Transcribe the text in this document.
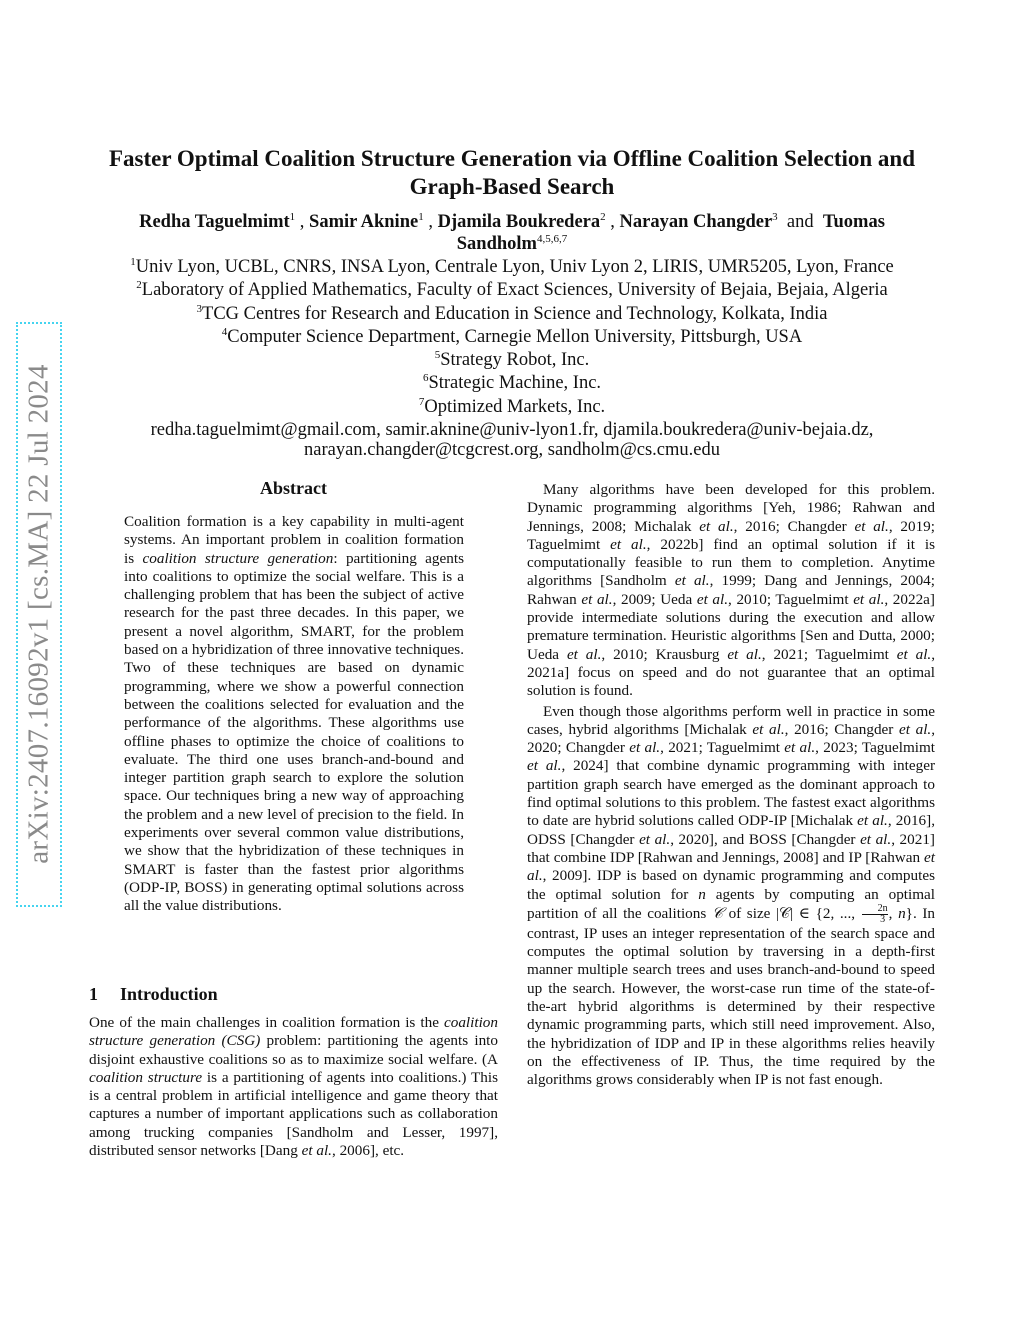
arXiv:2407.16092v1 [cs.MA] 22 Jul 2024
Faster Optimal Coalition Structure Generation via Offline Coalition Selection and
Graph-Based Search
Redha Taguelmimt$^1$ , Samir Aknine$^1$ , Djamila Boukredera$^2$ , Narayan Changder$^3$ and Tuomas
Sandholm$^{4,5,6,7}$
$^1$Univ Lyon, UCBL, CNRS, INSA Lyon, Centrale Lyon, Univ Lyon 2, LIRIS, UMR5205, Lyon, France
$^2$Laboratory of Applied Mathematics, Faculty of Exact Sciences, University of Bejaia, Bejaia, Algeria
$^3$TCG Centres for Research and Education in Science and Technology, Kolkata, India
$^4$Computer Science Department, Carnegie Mellon University, Pittsburgh, USA
$^5$Strategy Robot, Inc.
$^6$Strategic Machine, Inc.
$^7$Optimized Markets, Inc.
redha.taguelmimt@gmail.com, samir.aknine@univ-lyon1.fr, djamila.boukredera@univ-bejaia.dz,
narayan.changder@tcgcrest.org, sandholm@cs.cmu.edu
Abstract
Coalition formation is a key capability in multi-agent systems. An important problem in coalition formation is coalition structure generation: partitioning agents into coalitions to optimize the social welfare. This is a challenging problem that has been the subject of active research for the past three decades. In this paper, we present a novel algorithm, SMART, for the problem based on a hybridization of three innovative techniques. Two of these techniques are based on dynamic programming, where we show a powerful connection between the coalitions selected for evaluation and the performance of the algorithms. These algorithms use offline phases to optimize the choice of coalitions to evaluate. The third one uses branch-and-bound and integer partition graph search to explore the solution space. Our techniques bring a new way of approaching the problem and a new level of precision to the field. In experiments over several common value distributions, we show that the hybridization of these techniques in SMART is faster than the fastest prior algorithms (ODP-IP, BOSS) in generating optimal solutions across all the value distributions.
1 Introduction

One of the main challenges in coalition formation is the coalition structure generation (CSG) problem: partitioning the agents into disjoint exhaustive coalitions so as to maximize social welfare. (A coalition structure is a partitioning of agents into coalitions.) This is a central problem in artificial intelligence and game theory that captures a number of important applications such as collaboration among trucking companies [Sandholm and Lesser, 1997], distributed sensor networks [Dang et al., 2006], etc.

Many algorithms have been developed for this problem. Dynamic programming algorithms [Yeh, 1986; Rahwan and Jennings, 2008; Michalak et al., 2016; Changder et al., 2019; Taguelmimt et al., 2022b] find an optimal solution if it is computationally feasible to run them to completion. Anytime algorithms [Sandholm et al., 1999; Dang and Jennings, 2004; Rahwan et al., 2009; Ueda et al., 2010; Taguelmimt et al., 2022a] provide intermediate solutions during the execution and allow premature termination. Heuristic algorithms [Sen and Dutta, 2000; Ueda et al., 2010; Krausburg et al., 2021; Taguelmimt et al., 2021a] focus on speed and do not guarantee that an optimal solution is found.

Even though those algorithms perform well in practice in some cases, hybrid algorithms [Michalak et al., 2016; Changder et al., 2020; Changder et al., 2021; Taguelmimt et al., 2023; Taguelmimt et al., 2024] that combine dynamic programming with integer partition graph search have emerged as the dominant approach to find optimal solutions to this problem. The fastest exact algorithms to date are hybrid solutions called ODP-IP [Michalak et al., 2016], ODSS [Changder et al., 2020], and BOSS [Changder et al., 2021] that combine IDP [Rahwan and Jennings, 2008] and IP [Rahwan et al., 2009]. IDP is based on dynamic programming and computes the optimal solution for n agents by computing an optimal partition of all the coalitions 𝒞 of size |𝒞| ∈ {2, ..., $\frac{2n}{3}$ , n}. In contrast, IP uses an integer representation of the search space and computes the optimal solution by traversing in a depth-first manner multiple search trees and uses branch-and-bound to speed up the search. However, the worst-case run time of the state-of-the-art hybrid algorithms is determined by their respective dynamic programming parts, which still need improvement. Also, the hybridization of IDP and IP in these algorithms relies heavily on the effectiveness of IP. Thus, the time required by the algorithms grows considerably when IP is not fast enough.
